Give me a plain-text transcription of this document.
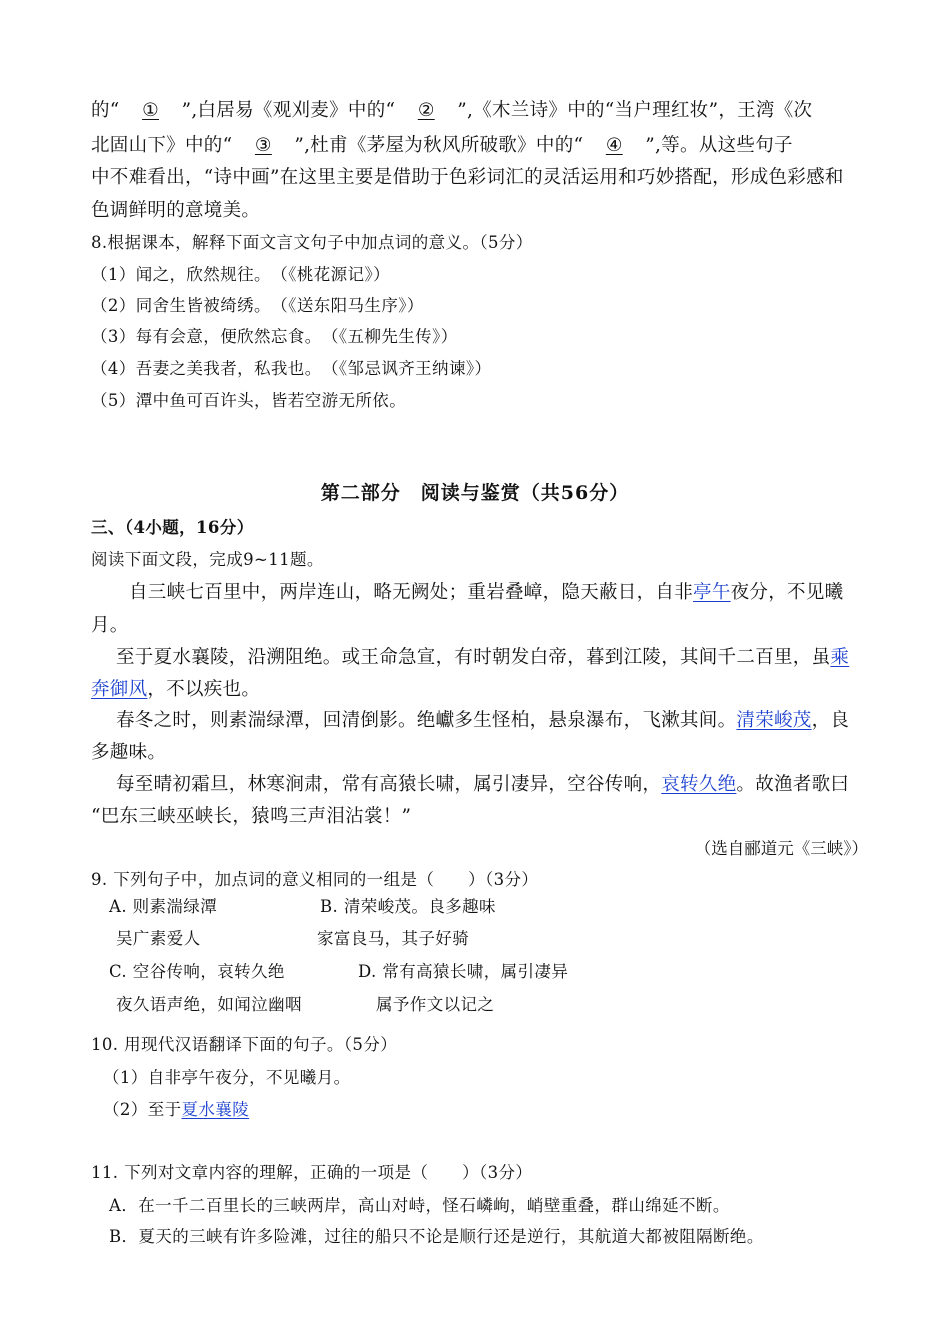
的“ ① ”,白居易《观刈麦》中的“ ② ”,《木兰诗》中的“当户理红妆”，王湾《次
北固山下》中的“ ③ ”,杜甫《茅屋为秋风所破歌》中的“ ④ ”,等。从这些句子
中不难看出，“诗中画”在这里主要是借助于色彩词汇的灵活运用和巧妙搭配，形成色彩感和
色调鲜明的意境美。
8.根据课本，解释下面文言文句子中加点词的意义。（5分）
（1）闻之，欣然规往。　（《桃花源记》）
（2）同舍生皆被绮绣。　（《送东阳马生序》）
（3）每有会意，便欣然忘食。　（《五柳先生传》）
（4）吾妻之美我者，私我也。　（《邹忌讽齐王纳谏》）
（5）潭中鱼可百许头，皆若空游无所依。
第二部分　阅读与鉴赏（共56分）
三、（4小题，16分）
阅读下面文段，完成9~11题。
自三峡七百里中，两岸连山，略无阙处；重岩叠嶂，隐天蔽日，自非亭午夜分，不见曦
月。
至于夏水襄陵，沿溯阻绝。或王命急宣，有时朝发白帝，暮到江陵，其间千二百里，虽乘
奔御风，不以疾也。
春冬之时，则素湍绿潭，回清倒影。绝巘多生怪柏，悬泉瀑布，飞漱其间。清荣峻茂，良
多趣味。
每至晴初霜旦，林寒涧肃，常有高猿长啸，属引凄异，空谷传响，哀转久绝。故渔者歌曰
“巴东三峡巫峡长，猿鸣三声泪沾裳！”
（选自郦道元《三峡》）
9. 下列句子中，加点词的意义相同的一组是（　　）（3分）
A. 则素湍绿潭	B. 清荣峻茂。良多趣味
吴广素爱人	家富良马，其子好骑
C. 空谷传响，哀转久绝	D. 常有高猿长啸，属引凄异
夜久语声绝，如闻泣幽咽	属予作文以记之
10. 用现代汉语翻译下面的句子。（5分）
（1）自非亭午夜分，不见曦月。
（2）至于夏水襄陵
11. 下列对文章内容的理解，正确的一项是（　　）（3分）
A．在一千二百里长的三峡两岸，高山对峙，怪石嶙峋，峭壁重叠，群山绵延不断。
B．夏天的三峡有许多险滩，过往的船只不论是顺行还是逆行，其航道大都被阻隔断绝。
